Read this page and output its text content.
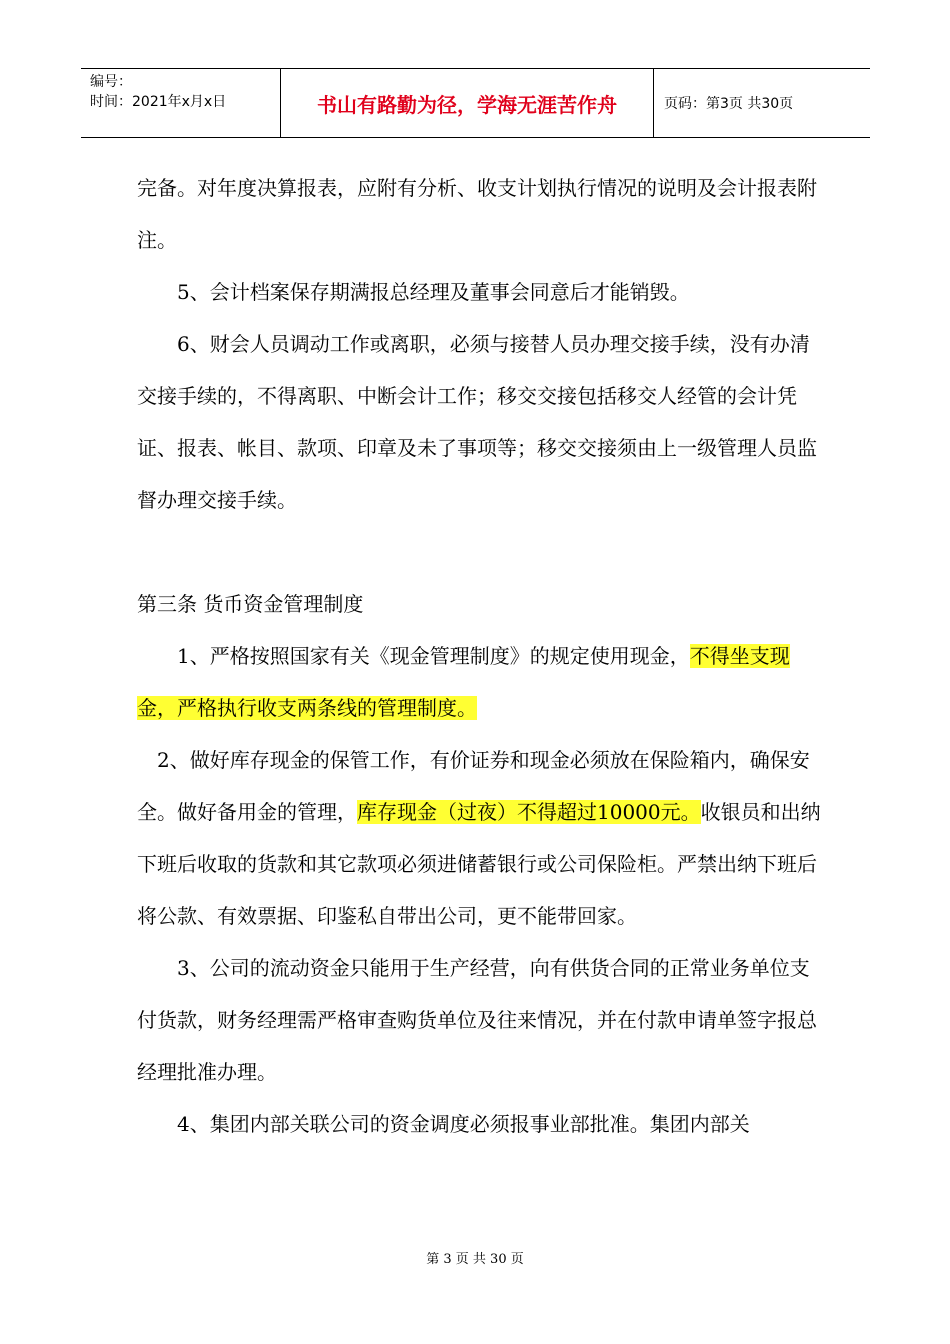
编号：
时间：2021年x月x日	书山有路勤为径，学海无涯苦作舟	页码：第3页 共30页

完备。对年度决算报表，应附有分析、收支计划执行情况的说明及会计报表附注。

5、会计档案保存期满报总经理及董事会同意后才能销毁。

6、财会人员调动工作或离职，必须与接替人员办理交接手续，没有办清交接手续的，不得离职、中断会计工作；移交交接包括移交人经管的会计凭证、报表、帐目、款项、印章及未了事项等；移交交接须由上一级管理人员监督办理交接手续。

第三条 货币资金管理制度

1、严格按照国家有关《现金管理制度》的规定使用现金，不得坐支现金，严格执行收支两条线的管理制度。

2、做好库存现金的保管工作，有价证券和现金必须放在保险箱内，确保安全。做好备用金的管理，库存现金（过夜）不得超过10000元。收银员和出纳下班后收取的货款和其它款项必须进储蓄银行或公司保险柜。严禁出纳下班后将公款、有效票据、印鉴私自带出公司，更不能带回家。

3、公司的流动资金只能用于生产经营，向有供货合同的正常业务单位支付货款，财务经理需严格审查购货单位及往来情况，并在付款申请单签字报总经理批准办理。

4、集团内部关联公司的资金调度必须报事业部批准。集团内部关

第 3 页 共 30 页
